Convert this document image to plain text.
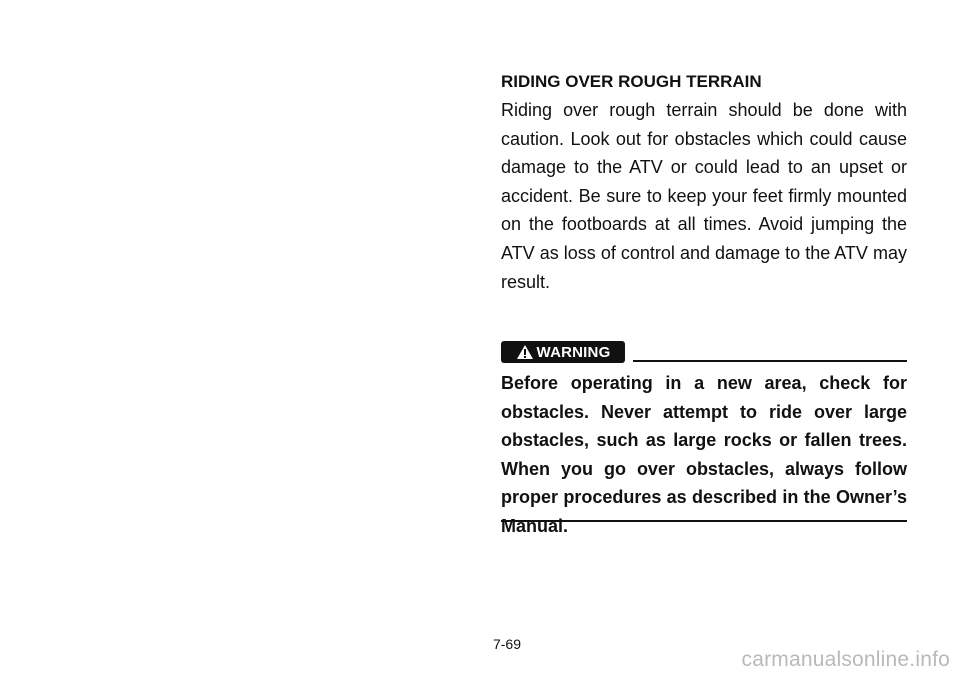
RIDING OVER ROUGH TERRAIN

Riding over rough terrain should be done with caution. Look out for obstacles which could cause damage to the ATV or could lead to an upset or accident. Be sure to keep your feet firmly mounted on the footboards at all times. Avoid jumping the ATV as loss of control and damage to the ATV may result.

WARNING

Before operating in a new area, check for obstacles. Never attempt to ride over large obstacles, such as large rocks or fallen trees. When you go over obstacles, always follow proper procedures as described in the Owner’s Manual.

7-69
carmanualsonline.info
